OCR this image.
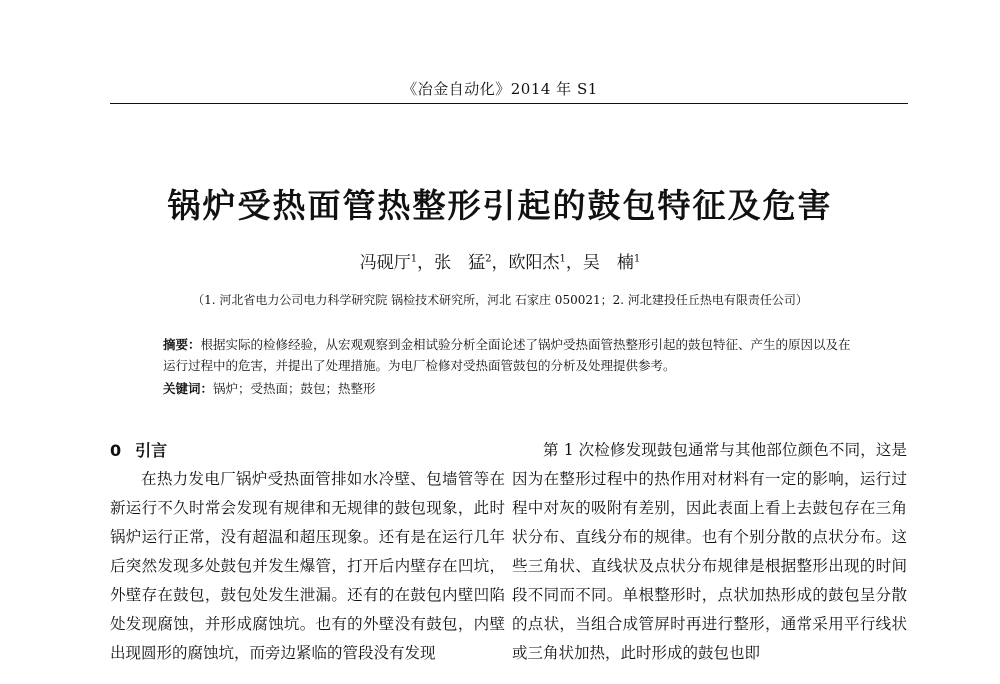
《冶金自动化》2014 年 S1
锅炉受热面管热整形引起的鼓包特征及危害
冯砚厅$^1$，张　猛$^2$，欧阳杰$^1$，吴　楠$^1$
（1. 河北省电力公司电力科学研究院 锅检技术研究所，河北 石家庄 050021；2. 河北建投任丘热电有限责任公司）
摘要：根据实际的检修经验，从宏观观察到金相试验分析全面论述了锅炉受热面管热整形引起的鼓包特征、产生的原因以及在运行过程中的危害，并提出了处理措施。为电厂检修对受热面管鼓包的分析及处理提供参考。
关键词：锅炉；受热面；鼓包；热整形
0 引言

在热力发电厂锅炉受热面管排如水冷壁、包墙管等在新运行不久时常会发现有规律和无规律的鼓包现象，此时锅炉运行正常，没有超温和超压现象。还有是在运行几年后突然发现多处鼓包并发生爆管，打开后内壁存在凹坑，外壁存在鼓包，鼓包处发生泄漏。还有的在鼓包内壁凹陷处发现腐蚀，并形成腐蚀坑。也有的外壁没有鼓包，内壁出现圆形的腐蚀坑，而旁边紧临的管段没有发现

第 1 次检修发现鼓包通常与其他部位颜色不同，这是因为在整形过程中的热作用对材料有一定的影响，运行过程中对灰的吸附有差别，因此表面上看上去鼓包存在三角状分布、直线分布的规律。也有个别分散的点状分布。这些三角状、直线状及点状分布规律是根据整形出现的时间段不同而不同。单根整形时，点状加热形成的鼓包呈分散的点状，当组合成管屏时再进行整形，通常采用平行线状或三角状加热，此时形成的鼓包也即
